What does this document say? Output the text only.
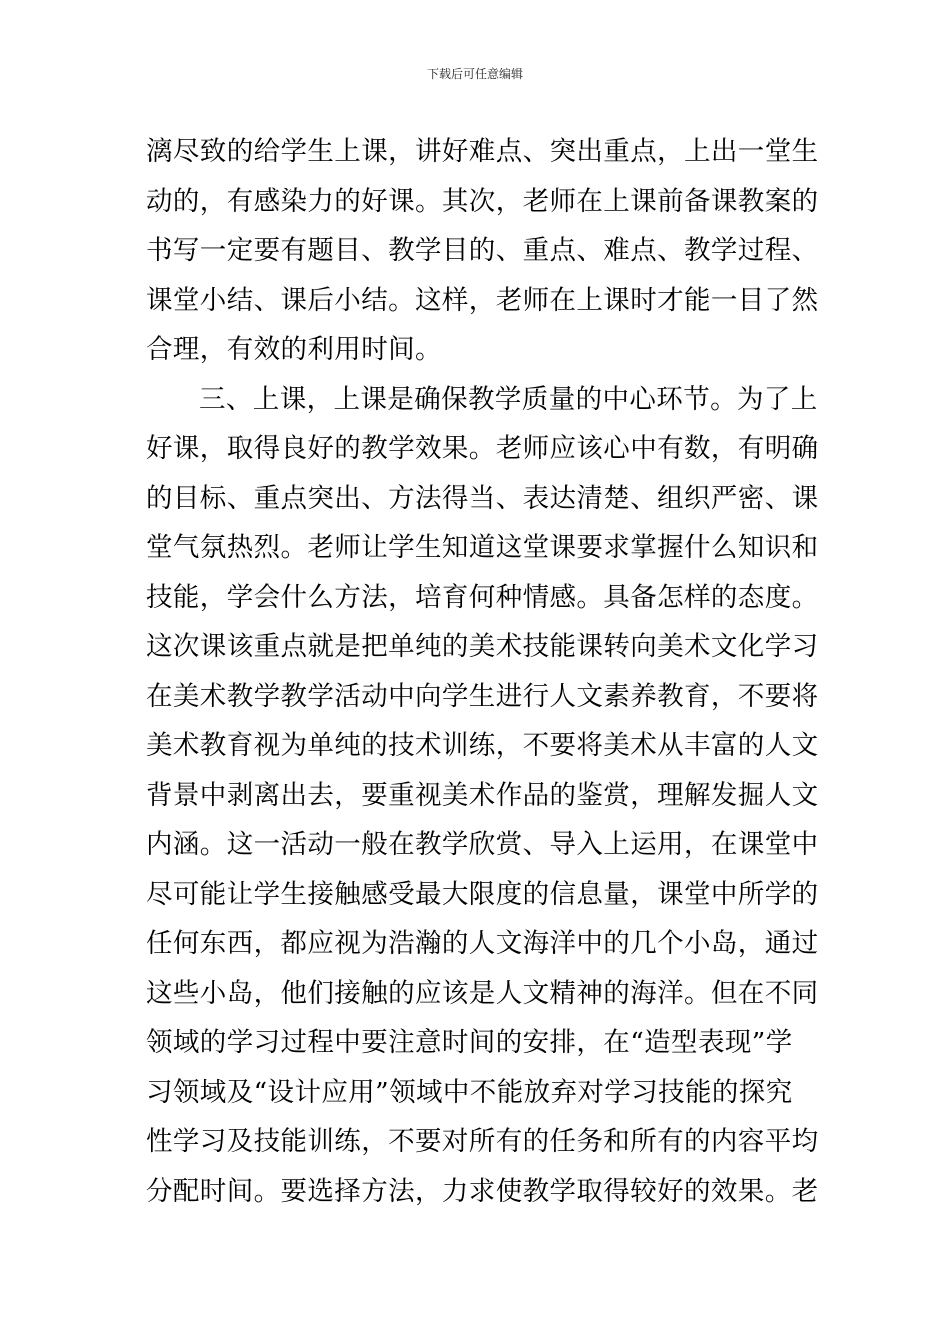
下载后可任意编辑
漓尽致的给学生上课，讲好难点、突出重点，上出一堂生
动的，有感染力的好课。其次，老师在上课前备课教案的
书写一定要有题目、教学目的、重点、难点、教学过程、
课堂小结、课后小结。这样，老师在上课时才能一目了然
合理，有效的利用时间。
三、上课，上课是确保教学质量的中心环节。为了上
好课，取得良好的教学效果。老师应该心中有数，有明确
的目标、重点突出、方法得当、表达清楚、组织严密、课
堂气氛热烈。老师让学生知道这堂课要求掌握什么知识和
技能，学会什么方法，培育何种情感。具备怎样的态度。
这次课该重点就是把单纯的美术技能课转向美术文化学习
在美术教学教学活动中向学生进行人文素养教育，不要将
美术教育视为单纯的技术训练，不要将美术从丰富的人文
背景中剥离出去，要重视美术作品的鉴赏，理解发掘人文
内涵。这一活动一般在教学欣赏、导入上运用，在课堂中
尽可能让学生接触感受最大限度的信息量，课堂中所学的
任何东西，都应视为浩瀚的人文海洋中的几个小岛，通过
这些小岛，他们接触的应该是人文精神的海洋。但在不同
领域的学习过程中要注意时间的安排，在“造型表现”学
习领域及“设计应用”领域中不能放弃对学习技能的探究
性学习及技能训练，不要对所有的任务和所有的内容平均
分配时间。要选择方法，力求使教学取得较好的效果。老
